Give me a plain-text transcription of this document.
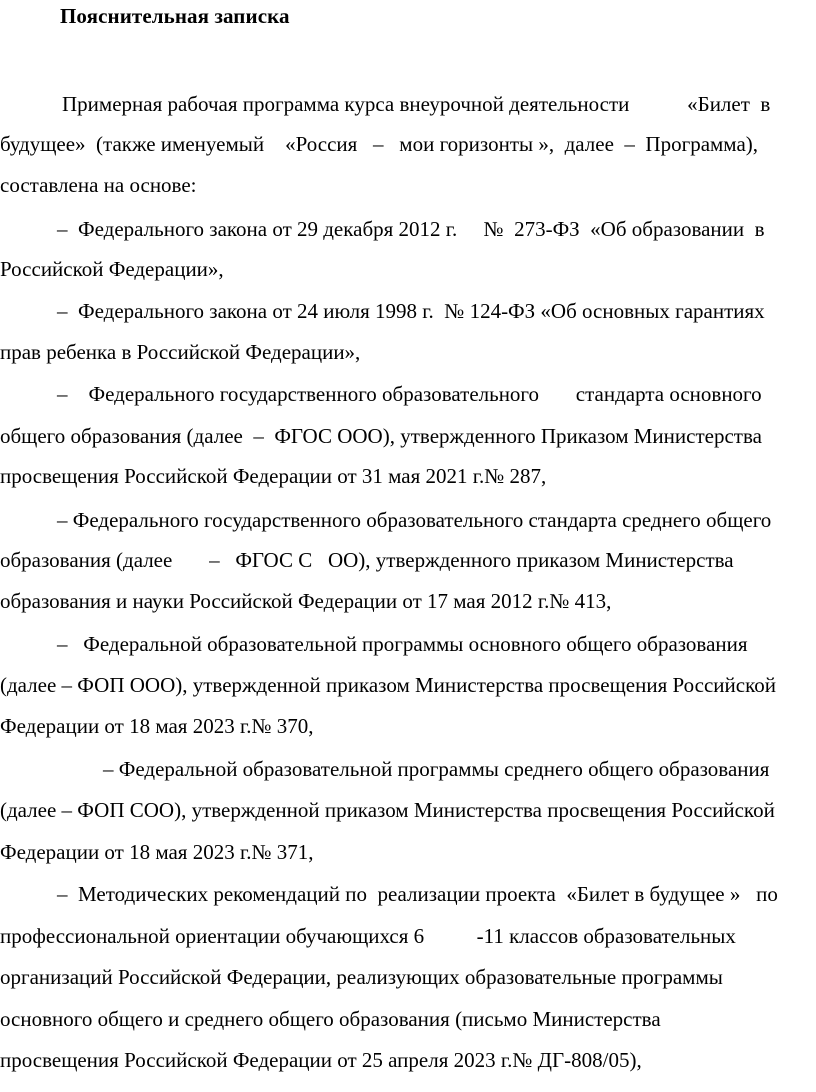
Пояснительная записка
Примерная рабочая программа курса внеурочной деятельности           «Билет  в
будущее»  (также именуемый    «Россия   –   мои горизонты »,  далее  –  Программа),
составлена на основе:
–  Федерального закона от 29 декабря 2012 г.     №  273-ФЗ  «Об образовании  в
Российской Федерации»,
–  Федерального закона от 24 июля 1998 г.  № 124-ФЗ «Об основных гарантиях
прав ребенка в Российской Федерации»,
–    Федерального государственного образовательного       стандарта основного
общего образования (далее  –  ФГОС ООО), утвержденного Приказом Министерства
просвещения Российской Федерации от 31 мая 2021 г.№ 287,
– Федерального государственного образовательного стандарта среднего общего
образования (далее       –   ФГОС С   ОО), утвержденного приказом Министерства
образования и науки Российской Федерации от 17 мая 2012 г.№ 413,
–   Федеральной образовательной программы основного общего образования
(далее – ФОП ООО), утвержденной приказом Министерства просвещения Российской
Федерации от 18 мая 2023 г.№ 370,
– Федеральной образовательной программы среднего общего образования
(далее – ФОП СОО), утвержденной приказом Министерства просвещения Российской
Федерации от 18 мая 2023 г.№ 371,
–  Методических рекомендаций по  реализации проекта  «Билет в будущее »   по
профессиональной ориентации обучающихся 6          -11 классов образовательных
организаций Российской Федерации, реализующих образовательные программы
основного общего и среднего общего образования (письмо Министерства
просвещения Российской Федерации от 25 апреля 2023 г.№ ДГ-808/05),
